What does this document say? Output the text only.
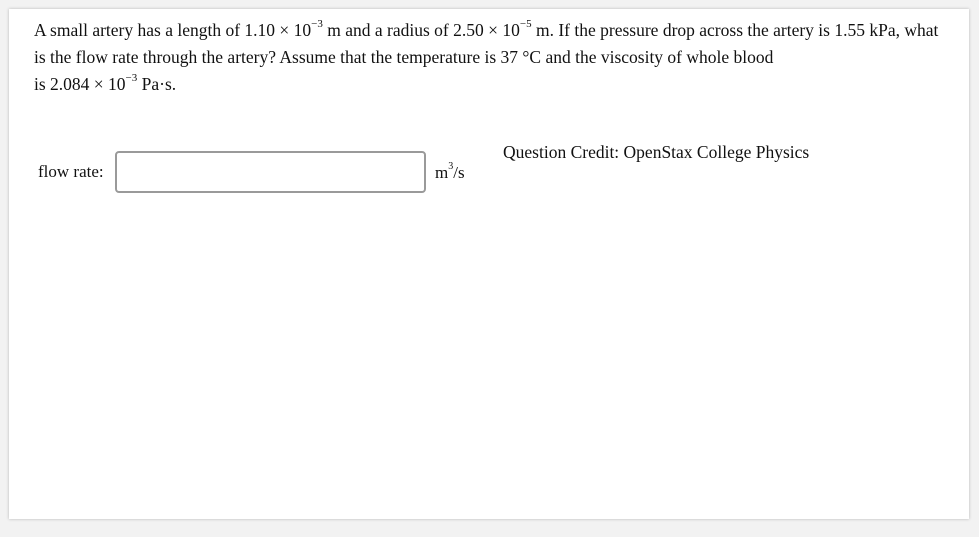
A small artery has a length of $1.10 \times 10^{-3}$ m and a radius of $2.50 \times 10^{-5}$ m. If the pressure drop across the artery is 1.55 kPa, what is the flow rate through the artery? Assume that the temperature is 37 °C and the viscosity of whole blood
is $2.084 \times 10^{-3}$ Pa·s.

flow rate:	$m^3/s$
Question Credit: OpenStax College Physics
